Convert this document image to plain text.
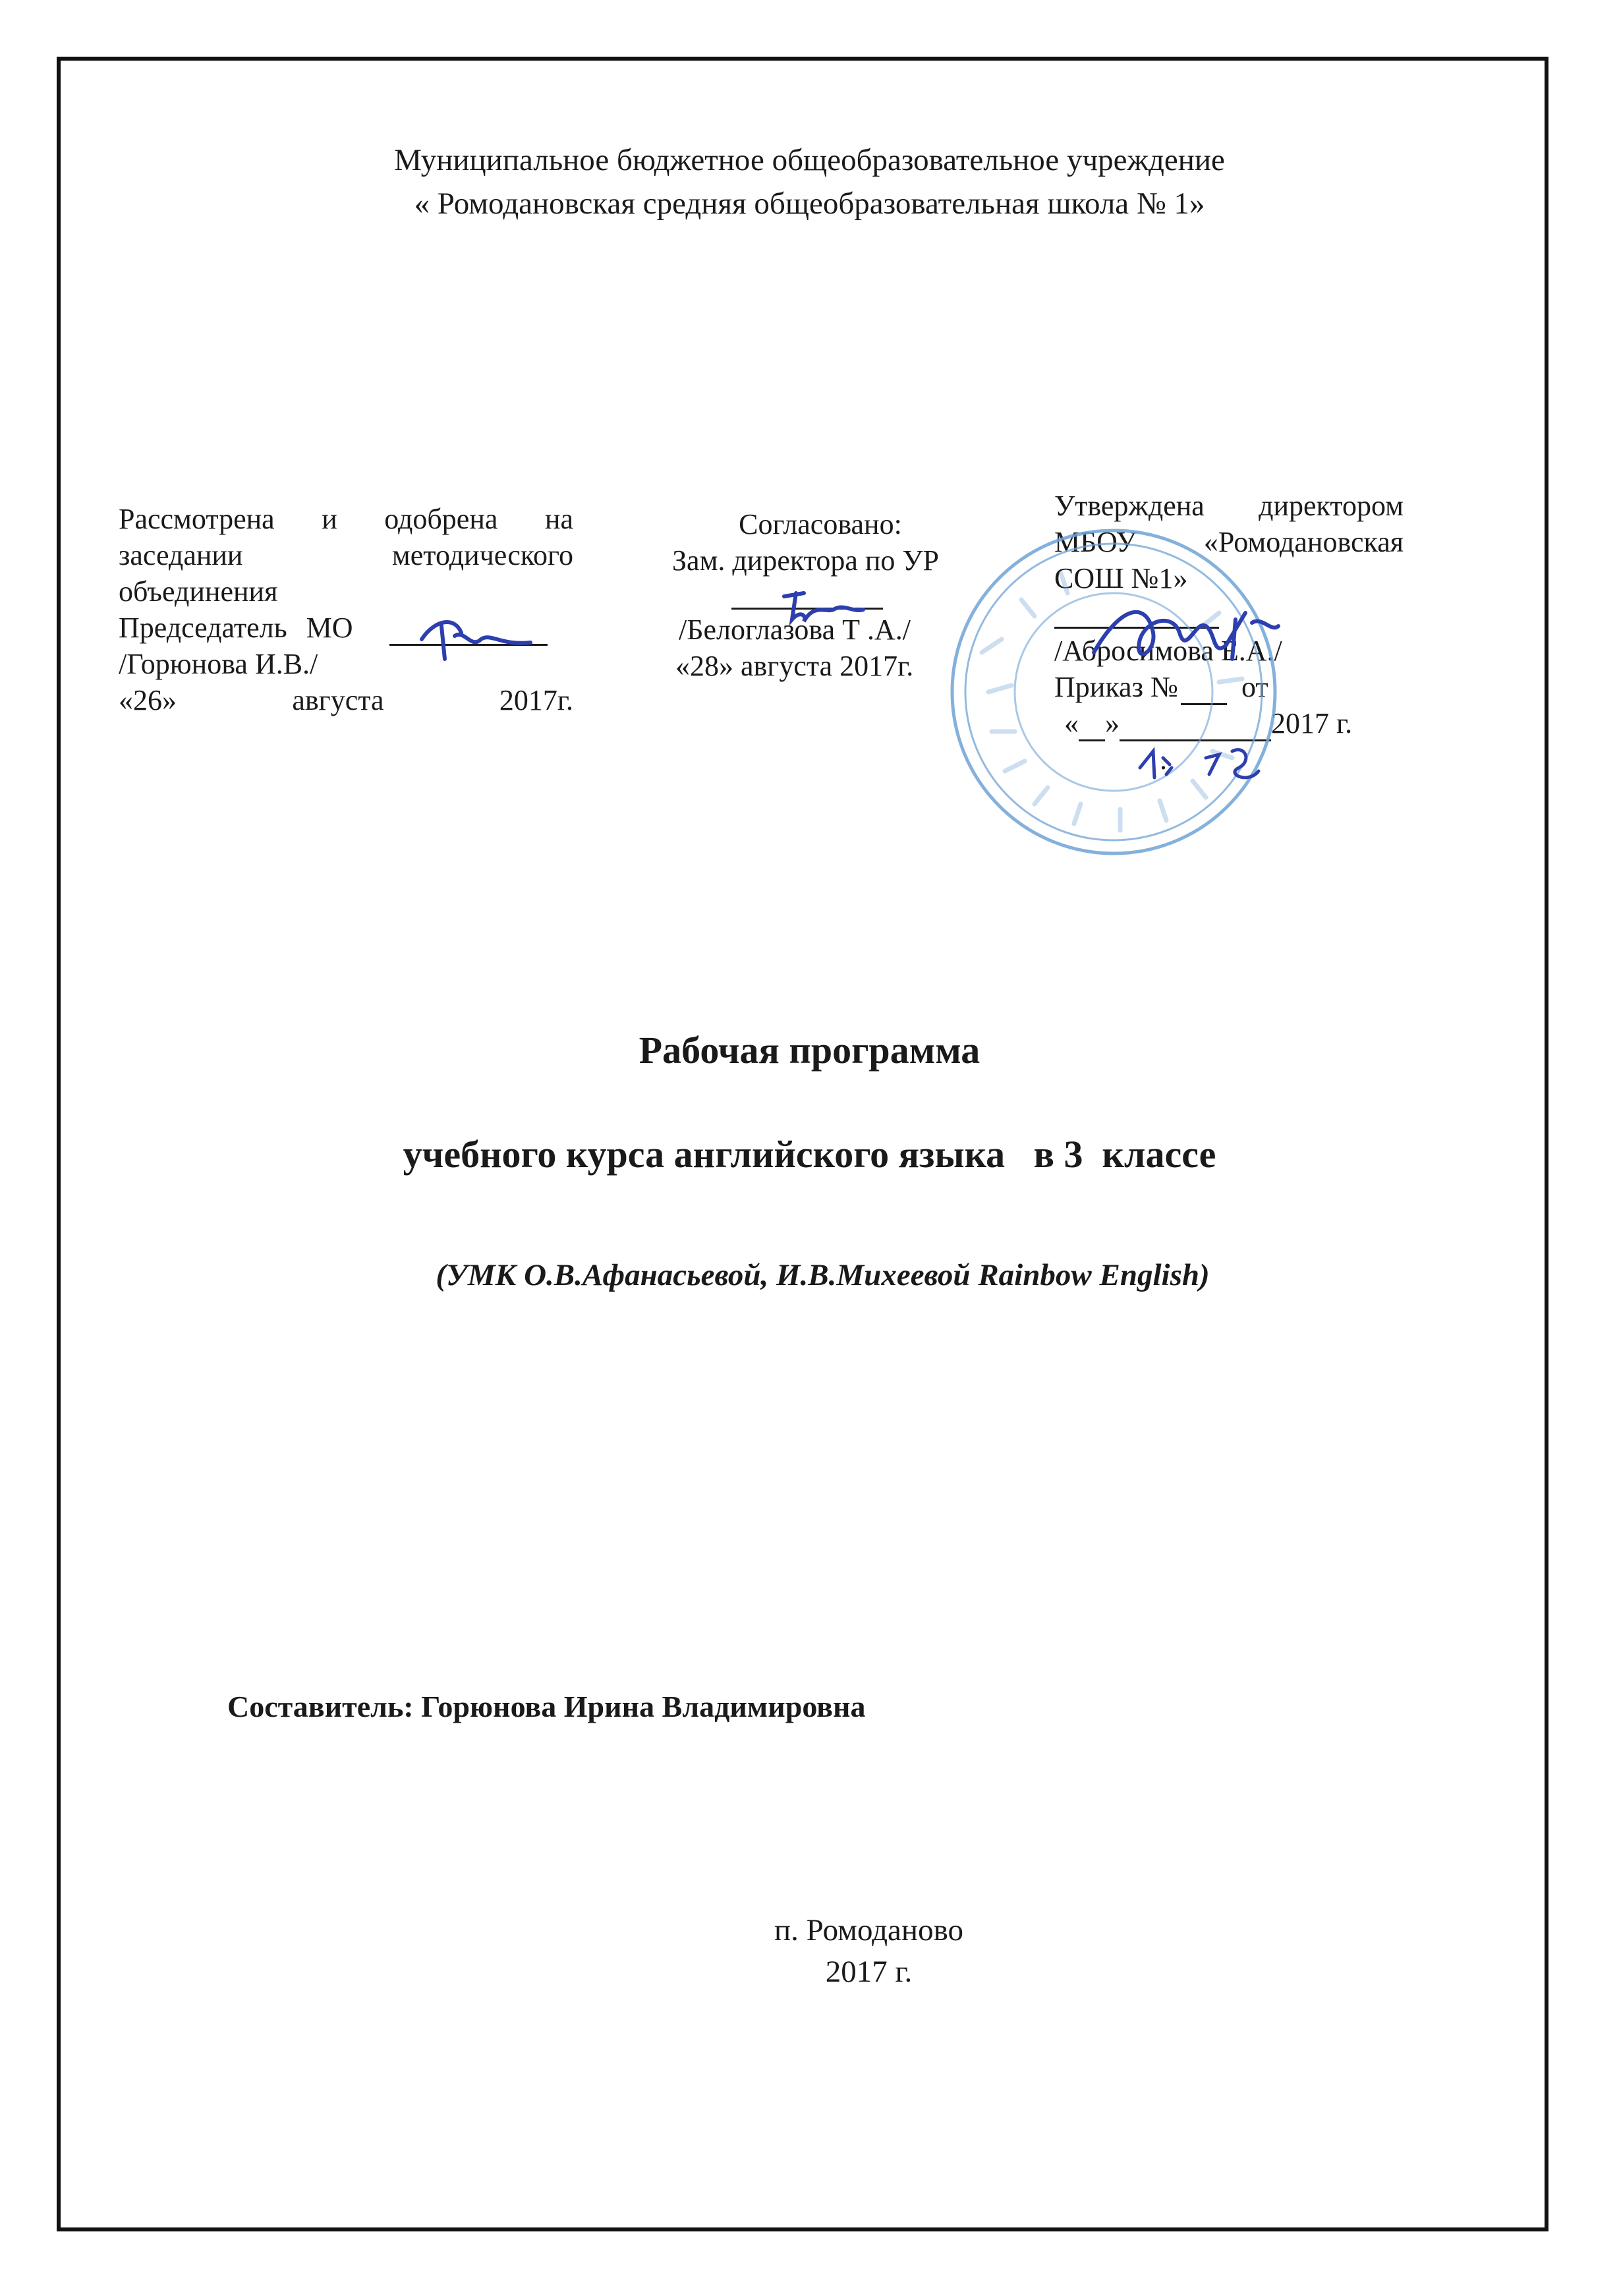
Муниципальное бюджетное общеобразовательное учреждение
« Ромодановская средняя общеобразовательная школа № 1»
Рассмотрена и одобрена на
заседании методического
объединения
Председатель МО
/Горюнова И.В./
«26» августа 2017г.
Согласовано:
Зам. директора по УР
/Белоглазова Т .А./
«28» августа 2017г.
Утверждена директором
МБОУ «Ромодановская
СОШ №1»
/Абросимова Е.А./
Приказ № от
« »	2017 г.
.
Рабочая программа
учебного курса английского языка   в 3  классе
(УМК О.В.Афанасьевой, И.В.Михеевой Rainbow English)
Составитель: Горюнова Ирина Владимировна
п. Ромоданово
2017 г.
